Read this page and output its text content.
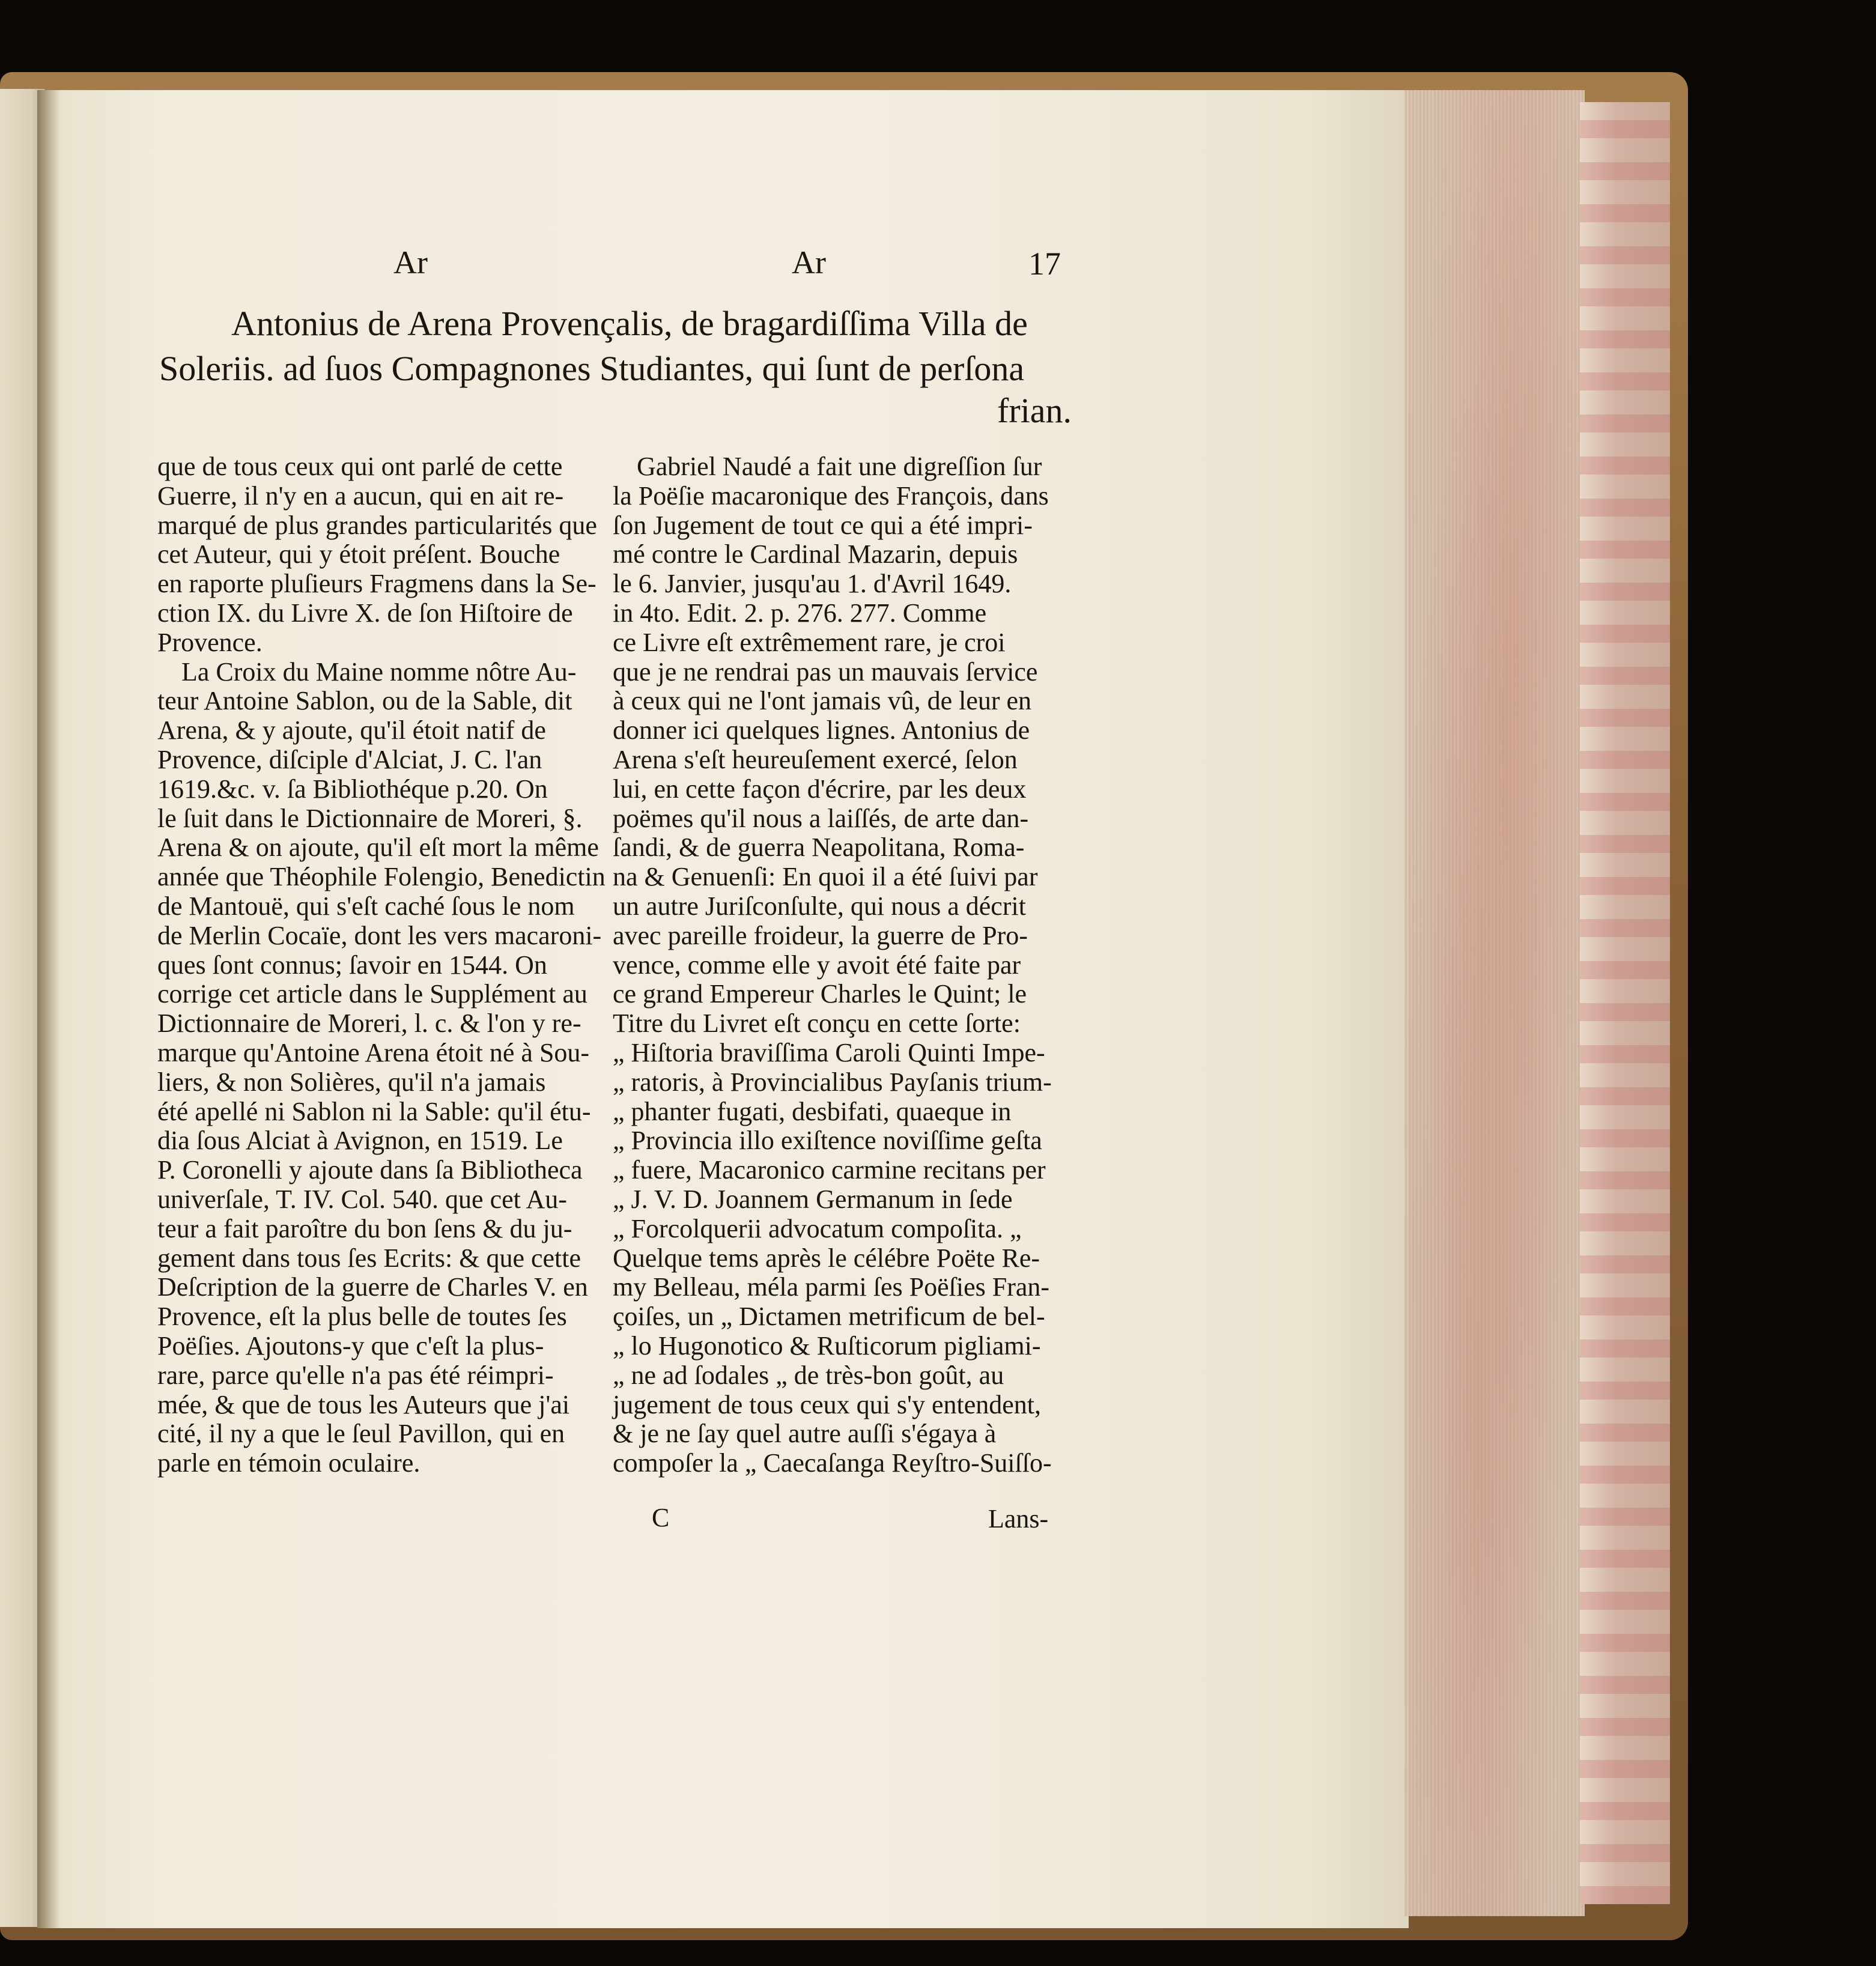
Ar	Ar	17
Antonius de Arena Provençalis, de bragardiſſima Villa de
Soleriis. ad ſuos Compagnones Studiantes, qui ſunt de perſona
frian.
que de tous ceux qui ont parlé de cette
Guerre, il n'y en a aucun, qui en ait re-
marqué de plus grandes particularités que
cet Auteur, qui y étoit préſent. Bouche
en raporte pluſieurs Fragmens dans la Se-
ction IX. du Livre X. de ſon Hiſtoire de
Provence.
La Croix du Maine nomme nôtre Au-
teur Antoine Sablon, ou de la Sable, dit
Arena, & y ajoute, qu'il étoit natif de
Provence, diſciple d'Alciat, J. C. l'an
1619.&c. v. ſa Bibliothéque p.20. On
le ſuit dans le Dictionnaire de Moreri, §.
Arena & on ajoute, qu'il eſt mort la même
année que Théophile Folengio, Benedictin
de Mantouë, qui s'eſt caché ſous le nom
de Merlin Cocaïe, dont les vers macaroni-
ques ſont connus; ſavoir en 1544. On
corrige cet article dans le Supplément au
Dictionnaire de Moreri, l. c. & l'on y re-
marque qu'Antoine Arena étoit né à Sou-
liers, & non Solières, qu'il n'a jamais
été apellé ni Sablon ni la Sable: qu'il étu-
dia ſous Alciat à Avignon, en 1519. Le
P. Coronelli y ajoute dans ſa Bibliotheca
univerſale, T. IV. Col. 540. que cet Au-
teur a fait paroître du bon ſens & du ju-
gement dans tous ſes Ecrits: & que cette
Deſcription de la guerre de Charles V. en
Provence, eſt la plus belle de toutes ſes
Poëſies. Ajoutons-y que c'eſt la plus-
rare, parce qu'elle n'a pas été réimpri-
mée, & que de tous les Auteurs que j'ai
cité, il ny a que le ſeul Pavillon, qui en
parle en témoin oculaire.
Gabriel Naudé a fait une digreſſion ſur
la Poëſie macaronique des François, dans
ſon Jugement de tout ce qui a été impri-
mé contre le Cardinal Mazarin, depuis
le 6. Janvier, jusqu'au 1. d'Avril 1649.
in 4to. Edit. 2. p. 276. 277. Comme
ce Livre eſt extrêmement rare, je croi
que je ne rendrai pas un mauvais ſervice
à ceux qui ne l'ont jamais vû, de leur en
donner ici quelques lignes. Antonius de
Arena s'eſt heureuſement exercé, ſelon
lui, en cette façon d'écrire, par les deux
poëmes qu'il nous a laiſſés, de arte dan-
ſandi, & de guerra Neapolitana, Roma-
na & Genuenſi: En quoi il a été ſuivi par
un autre Juriſconſulte, qui nous a décrit
avec pareille froideur, la guerre de Pro-
vence, comme elle y avoit été faite par
ce grand Empereur Charles le Quint; le
Titre du Livret eſt conçu en cette ſorte:
„ Hiſtoria braviſſima Caroli Quinti Impe-
„ ratoris, à Provincialibus Payſanis trium-
„ phanter fugati, desbifati, quaeque in
„ Provincia illo exiſtence noviſſime geſta
„ fuere, Macaronico carmine recitans per
„ J. V. D. Joannem Germanum in ſede
„ Forcolquerii advocatum compoſita. „
Quelque tems après le célébre Poëte Re-
my Belleau, méla parmi ſes Poëſies Fran-
çoiſes, un „ Dictamen metrificum de bel-
„ lo Hugonotico & Ruſticorum pigliami-
„ ne ad ſodales „ de très-bon goût, au
jugement de tous ceux qui s'y entendent,
& je ne ſay quel autre auſſi s'égaya à
compoſer la „ Caecaſanga Reyſtro-Suiſſo-
C	Lans-
